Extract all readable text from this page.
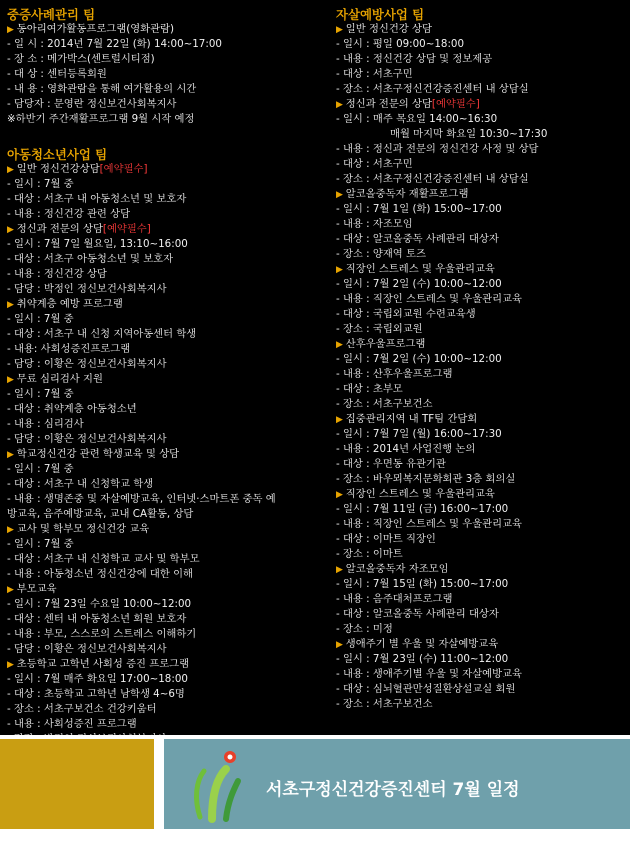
중증사례관리 팀
▶ 동아리여가활동프로그램(영화관람)
- 일 시 : 2014년 7월 22일 (화) 14:00~17:00
- 장 소 : 메가박스(센트럴시티점)
- 대 상 : 센터등록회원
- 내 용 : 영화관람을 통해 여가활용의 시간
- 담당자 : 문영란 정신보건사회복지사
※하반기 주간재활프로그램 9월 시작 예정
아동청소년사업 팀
▶ 일반 정신건강상담[예약필수]
- 일시 : 7월 중
- 대상 : 서초구 내 아동청소년 및 보호자
- 내용 : 정신건강 관련 상담
▶ 정신과 전문의 상담[예약필수]
- 일시 : 7월 7일 월요일, 13:10~16:00
- 대상 : 서초구 아동청소년 및 보호자
- 내용 : 정신건강 상담
- 담당 : 박정인 정신보건사회복지사
▶ 취약계층 예방 프로그램
- 일시 : 7월 중
- 대상 : 서초구 내 신청 지역아동센터 학생
- 내용: 사회성증진프로그램
- 담당 : 이황은 정신보건사회복지사
▶ 무료 심리검사 지원
- 일시 : 7월 중
- 대상 : 취약계층 아동청소년
- 내용 : 심리검사
- 담당 : 이황은 정신보건사회복지사
▶ 학교정신건강 관련 학생교육 및 상담
- 일시 : 7월 중
- 대상 : 서초구 내 신청학교 학생
- 내용 : 생명존중 및 자살예방교육, 인터넷·스마트폰 중독 예
방교육, 음주예방교육, 교내 CA활동, 상담
▶ 교사 및 학부모 정신건강 교육
- 일시 : 7월 중
- 대상 : 서초구 내 신청학교 교사 및 학부모
- 내용 : 아동청소년 정신건강에 대한 이해
▶ 부모교육
- 일시 : 7월 23일 수요일 10:00~12:00
- 대상 : 센터 내 아동청소년 회원 보호자
- 내용 : 부모, 스스로의 스트레스 이해하기
- 담당 : 이황은 정신보건사회복지사
▶ 초등학교 고학년 사회성 증진 프로그램
- 일시 : 7월 매주 화요일 17:00~18:00
- 대상 : 초등학교 고학년 남학생 4~6명
- 장소 : 서초구보건소 건강키움터
- 내용 : 사회성증진 프로그램
자살예방사업 팀
▶ 일반 정신건강 상담
- 일시 : 평일 09:00~18:00
- 내용 : 정신건강 상담 및 정보제공
- 대상 : 서초구민
- 장소 : 서초구정신건강증진센터 내 상담실
▶ 정신과 전문의 상담[예약필수]
- 일시 : 매주 목요일 14:00~16:30
매월 마지막 화요일 10:30~17:30
- 내용 : 정신과 전문의 정신건강 사정 및 상담
- 대상 : 서초구민
- 장소 : 서초구정신건강증진센터 내 상담실
▶ 알코올중독자 재활프로그램
- 일시 : 7월 1일 (화) 15:00~17:00
- 내용 : 자조모임
- 대상 : 알코올중독 사례관리 대상자
- 장소 : 양재역 토즈
▶ 직장인 스트레스 및 우울관리교육
- 일시 : 7월 2일 (수) 10:00~12:00
- 내용 : 직장인 스트레스 및 우울관리교육
- 대상 : 국립외교원 수련교육생
- 장소 : 국립외교원
▶ 산후우울프로그램
- 일시 : 7월 2일 (수) 10:00~12:00
- 내용 : 산후우울프로그램
- 대상 : 초부모
- 장소 : 서초구보건소
▶ 집중관리지역 내 TF팀 간담회
- 일시 : 7월 7일 (월) 16:00~17:30
- 내용 : 2014년 사업진행 논의
- 대상 : 우면동 유관기관
- 장소 : 바우뫼복지문화회관 3층 회의실
▶ 직장인 스트레스 및 우울관리교육
- 일시 : 7월 11일 (금) 16:00~17:00
- 내용 : 직장인 스트레스 및 우울관리교육
- 대상 : 이마트 직장인
- 장소 : 이마트
▶ 알코올중독자 자조모임
- 일시 : 7월 15일 (화) 15:00~17:00
- 내용 : 음주대처프로그램
- 대상 : 알코올중독 사례관리 대상자
- 장소 : 미정
▶ 생애주기 별 우울 및 자살예방교육
- 일시 : 7월 23일 (수) 11:00~12:00
- 내용 : 생애주기별 우울 및 자살예방교육
- 대상 : 심뇌혈관만성질환상설교실 회원
- 장소 : 서초구보건소
서초구정신건강증진센터 7월 일정
